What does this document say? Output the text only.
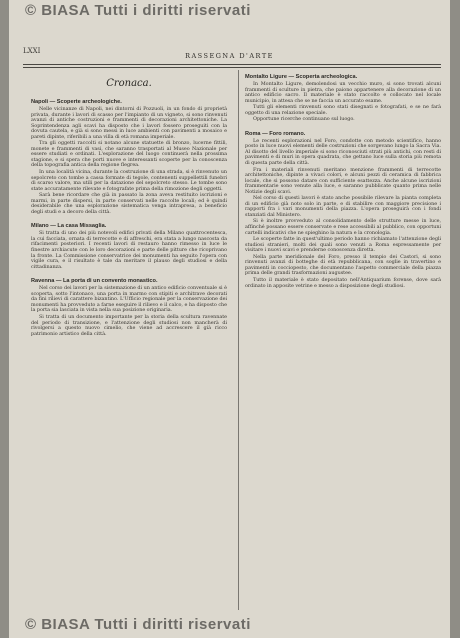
© BIASA Tutti i diritti riservati
LXXI
RASSEGNA D'ARTE
Cronaca.
Napoli — Scoperte archeologiche.

Nelle vicinanze di Napoli, nei dintorni di Pozzuoli, in un fondo di proprietà privata, durante i lavori di scasso per l'impianto di un vigneto, si sono rinvenuti avanzi di antiche costruzioni e frammenti di decorazioni architettoniche. La Soprintendenza agli scavi ha disposto che i lavori fossero proseguiti con la dovuta cautela, e già si sono messi in luce ambienti con pavimenti a mosaico e pareti dipinte, riferibili a una villa di età romana imperiale.

Tra gli oggetti raccolti si notano alcune statuette di bronzo, lucerne fittili, monete e frammenti di vasi, che saranno trasportati al Museo Nazionale per essere studiati e ordinati. L'esplorazione del luogo continuerà nella prossima stagione, e si spera che porti nuove e interessanti scoperte per la conoscenza della topografia antica della regione flegrea.

In una località vicina, durante la costruzione di una strada, si è rinvenuto un sepolcreto con tombe a cassa formate di tegole, contenenti suppellettili funebri di scarso valore, ma utili per la datazione del sepolcreto stesso. Le tombe sono state accuratamente rilevate e fotografate prima della rimozione degli oggetti.

Sarà bene ricordare che già in passato la zona aveva restituito iscrizioni e marmi, in parte dispersi, in parte conservati nelle raccolte locali; ed è quindi desiderabile che una esplorazione sistematica venga intrapresa, a beneficio degli studi e a decoro della città.

Milano — La casa Missaglia.

Si tratta di uno dei più notevoli edifici privati della Milano quattrocentesca, la cui facciata, ornata di terrecotte e di affreschi, era stata a lungo nascosta da rifacimenti posteriori. I recenti lavori di restauro hanno rimesso in luce le finestre archiacute con le loro decorazioni e parte delle pitture che ricoprivano la fronte. La Commissione conservatrice dei monumenti ha seguito l'opera con vigile cura, e il risultato è tale da meritare il plauso degli studiosi e della cittadinanza.

Ravenna — La porta di un convento monastico.

Nel corso dei lavori per la sistemazione di un antico edificio conventuale si è scoperta, sotto l'intonaco, una porta in marmo con stipiti e architrave decorati da fini rilievi di carattere bizantino. L'Ufficio regionale per la conservazione dei monumenti ha provveduto a farne eseguire il rilievo e il calco, e ha disposto che la porta sia lasciata in vista nella sua posizione originaria.

Si tratta di un documento importante per la storia della scultura ravennate del periodo di transizione, e l'attenzione degli studiosi non mancherà di rivolgersi a questo nuovo cimelio, che viene ad accrescere il già ricco patrimonio artistico della città.

Montalto Ligure — Scoperta archeologica.

In Montalto Ligure, demolendosi un vecchio muro, si sono trovati alcuni frammenti di sculture in pietra, che paiono appartenere alla decorazione di un antico edificio sacro. Il materiale è stato raccolto e collocato nel locale municipio, in attesa che se ne faccia un accurato esame.

Tutti gli elementi rinvenuti sono stati disegnati e fotografati, e se ne farà oggetto di una relazione speciale.

Opportune ricerche continuano sul luogo.

Roma — Foro romano.

Le recenti esplorazioni nel Foro, condotte con metodo scientifico, hanno posto in luce nuovi elementi delle costruzioni che sorgevano lungo la Sacra Via. Al disotto del livello imperiale si sono riconosciuti strati più antichi, con resti di pavimenti e di muri in opera quadrata, che gettano luce sulla storia più remota di questa parte della città.

Fra i materiali rinvenuti meritano menzione frammenti di terrecotte architettoniche, dipinte a vivaci colori, e alcuni pezzi di ceramica di fabbrica locale, che si possono datare con sufficiente esattezza. Anche alcune iscrizioni frammentarie sono venute alla luce, e saranno pubblicate quanto prima nelle Notizie degli scavi.

Nel corso di questi lavori è stato anche possibile rilevare la pianta completa di un edificio già noto solo in parte, e di stabilire con maggiore precisione i rapporti fra i vari monumenti della piazza. L'opera proseguirà con i fondi stanziati dal Ministero.

Si è inoltre provveduto al consolidamento delle strutture messe in luce, affinché possano essere conservate e rese accessibili al pubblico, con opportuni cartelli indicativi che ne spieghino la natura e la cronologia.

Le scoperte fatte in quest'ultimo periodo hanno richiamato l'attenzione degli studiosi stranieri, molti dei quali sono venuti a Roma espressamente per visitare i nuovi scavi e prenderne conoscenza diretta.

Nella parte meridionale del Foro, presso il tempio dei Castori, si sono rinvenuti avanzi di botteghe di età repubblicana, con soglie in travertino e pavimenti in cocciopesto, che documentano l'aspetto commerciale della piazza prima delle grandi trasformazioni augustee.

Tutto il materiale è stato depositato nell'Antiquarium forense, dove sarà ordinato in apposite vetrine e messo a disposizione degli studiosi.

© BIASA Tutti i diritti riservati
